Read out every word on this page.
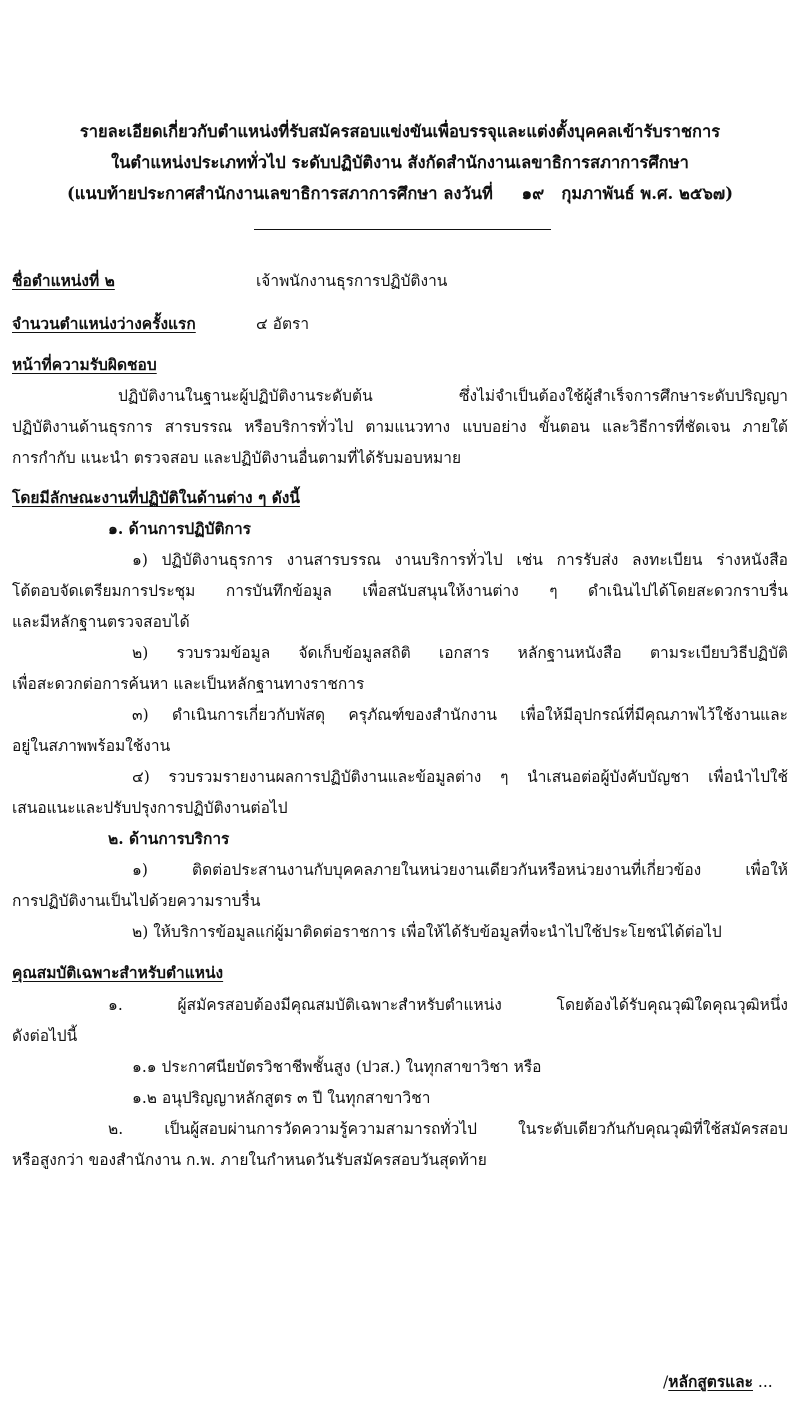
รายละเอียดเกี่ยวกับตำแหน่งที่รับสมัครสอบแข่งขันเพื่อบรรจุและแต่งตั้งบุคคลเข้ารับราชการ
ในตำแหน่งประเภททั่วไป ระดับปฏิบัติงาน สังกัดสำนักงานเลขาธิการสภาการศึกษา
(แนบท้ายประกาศสำนักงานเลขาธิการสภาการศึกษา ลงวันที่     ๑๙   กุมภาพันธ์ พ.ศ. ๒๕๖๗)
ชื่อตำแหน่งที่ ๒	เจ้าพนักงานธุรการปฏิบัติงาน
จำนวนตำแหน่งว่างครั้งแรก	๔ อัตรา
หน้าที่ความรับผิดชอบ
ปฏิบัติงานในฐานะผู้ปฏิบัติงานระดับต้น ซึ่งไม่จำเป็นต้องใช้ผู้สำเร็จการศึกษาระดับปริญญา
ปฏิบัติงานด้านธุรการ สารบรรณ หรือบริการทั่วไป ตามแนวทาง แบบอย่าง ขั้นตอน และวิธีการที่ชัดเจน ภายใต้
การกำกับ แนะนำ ตรวจสอบ และปฏิบัติงานอื่นตามที่ได้รับมอบหมาย
โดยมีลักษณะงานที่ปฏิบัติในด้านต่าง ๆ ดังนี้
๑. ด้านการปฏิบัติการ
๑) ปฏิบัติงานธุรการ งานสารบรรณ งานบริการทั่วไป เช่น การรับส่ง ลงทะเบียน ร่างหนังสือ
โต้ตอบจัดเตรียมการประชุม การบันทึกข้อมูล เพื่อสนับสนุนให้งานต่าง ๆ ดำเนินไปได้โดยสะดวกราบรื่น
และมีหลักฐานตรวจสอบได้
๒) รวบรวมข้อมูล จัดเก็บข้อมูลสถิติ เอกสาร หลักฐานหนังสือ ตามระเบียบวิธีปฏิบัติ
เพื่อสะดวกต่อการค้นหา และเป็นหลักฐานทางราชการ
๓) ดำเนินการเกี่ยวกับพัสดุ ครุภัณฑ์ของสำนักงาน เพื่อให้มีอุปกรณ์ที่มีคุณภาพไว้ใช้งานและ
อยู่ในสภาพพร้อมใช้งาน
๔) รวบรวมรายงานผลการปฏิบัติงานและข้อมูลต่าง ๆ นำเสนอต่อผู้บังคับบัญชา เพื่อนำไปใช้
เสนอแนะและปรับปรุงการปฏิบัติงานต่อไป
๒. ด้านการบริการ
๑) ติดต่อประสานงานกับบุคคลภายในหน่วยงานเดียวกันหรือหน่วยงานที่เกี่ยวข้อง เพื่อให้
การปฏิบัติงานเป็นไปด้วยความราบรื่น
๒) ให้บริการข้อมูลแก่ผู้มาติดต่อราชการ เพื่อให้ได้รับข้อมูลที่จะนำไปใช้ประโยชน์ได้ต่อไป
คุณสมบัติเฉพาะสำหรับตำแหน่ง
๑. ผู้สมัครสอบต้องมีคุณสมบัติเฉพาะสำหรับตำแหน่ง โดยต้องได้รับคุณวุฒิใดคุณวุฒิหนึ่ง
ดังต่อไปนี้
๑.๑ ประกาศนียบัตรวิชาชีพชั้นสูง (ปวส.) ในทุกสาขาวิชา หรือ
๑.๒ อนุปริญญาหลักสูตร ๓ ปี ในทุกสาขาวิชา
๒. เป็นผู้สอบผ่านการวัดความรู้ความสามารถทั่วไป ในระดับเดียวกันกับคุณวุฒิที่ใช้สมัครสอบ
หรือสูงกว่า ของสำนักงาน ก.พ. ภายในกำหนดวันรับสมัครสอบวันสุดท้าย
/หลักสูตรและ ...
